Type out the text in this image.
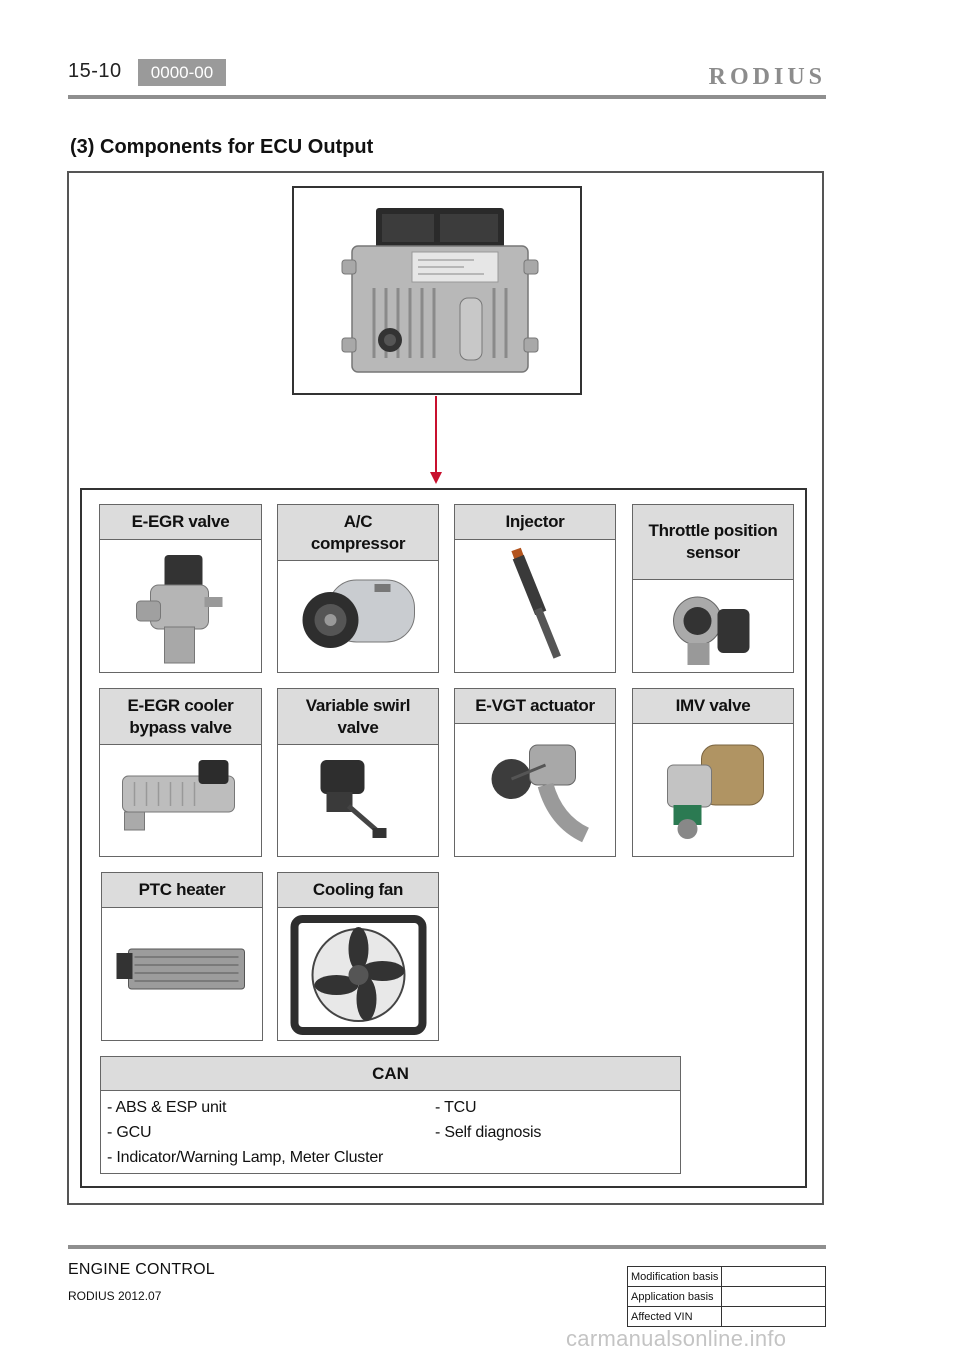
15-10	0000-00	RODIUS
(3) Components for ECU Output
E-EGR valve	A/C
compressor
Injector	Throttle position
sensor
E-EGR cooler
bypass valve
Variable swirl
valve
E-VGT actuator	IMV valve
PTC heater	Cooling fan
CAN
- ABS & ESP unit
- GCU
- Indicator/Warning Lamp, Meter Cluster
- TCU
- Self diagnosis
ENGINE CONTROL
RODIUS 2012.07
Modification basis	
Application basis	
Affected VIN	
carmanualsonline.info
